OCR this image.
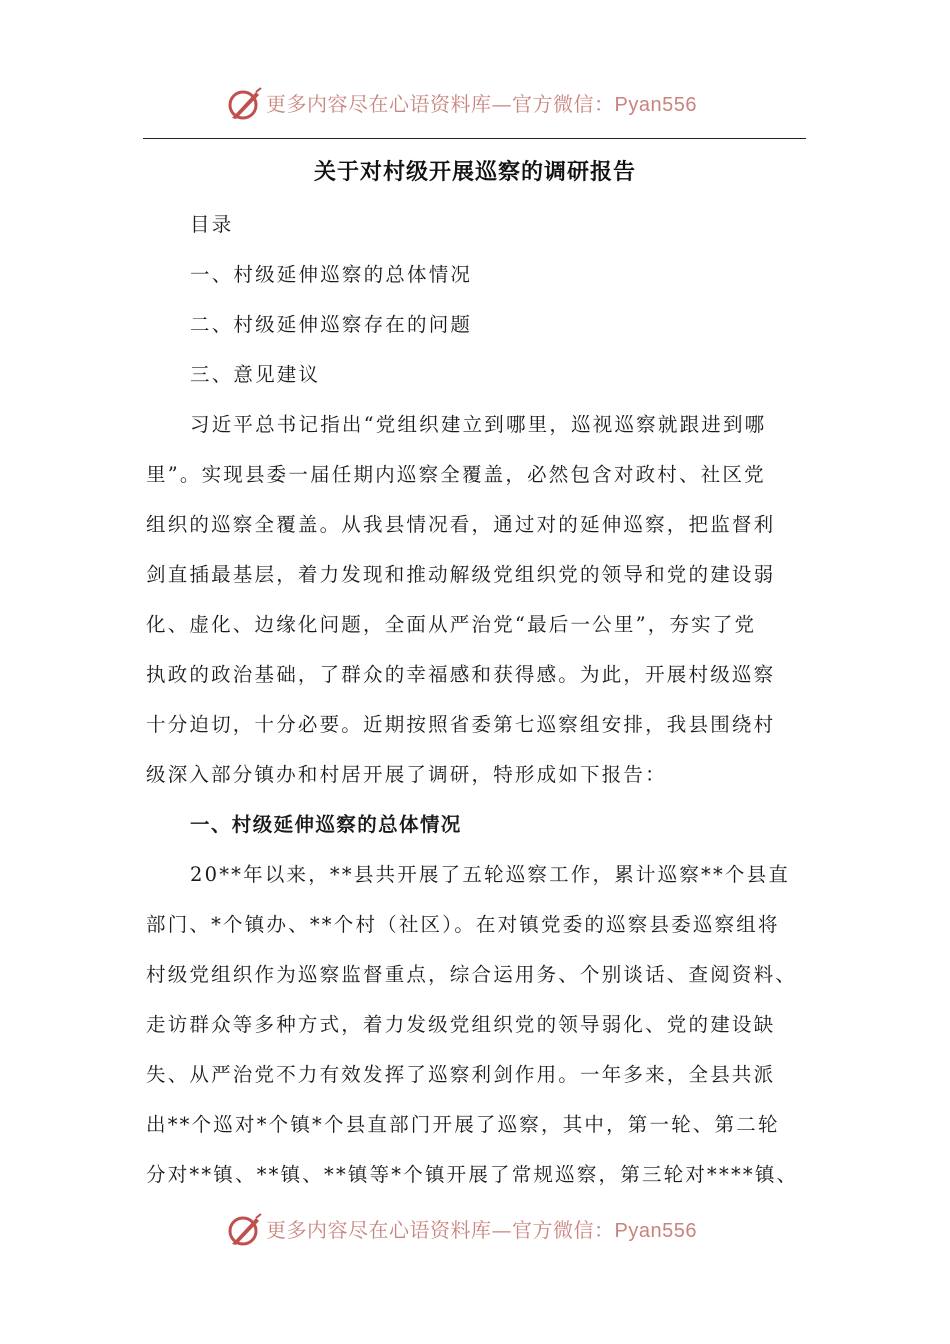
更多内容尽在心语资料库—官方微信：Pyan556
关于对村级开展巡察的调研报告
目录
一、村级延伸巡察的总体情况
二、村级延伸巡察存在的问题
三、意见建议
习近平总书记指出“党组织建立到哪里，巡视巡察就跟进到哪
里”。实现县委一届任期内巡察全覆盖，必然包含对政村、社区党
组织的巡察全覆盖。从我县情况看，通过对的延伸巡察，把监督利
剑直插最基层，着力发现和推动解级党组织党的领导和党的建设弱
化、虚化、边缘化问题，全面从严治党“最后一公里”，夯实了党
执政的政治基础，了群众的幸福感和获得感。为此，开展村级巡察
十分迫切，十分必要。近期按照省委第七巡察组安排，我县围绕村
级深入部分镇办和村居开展了调研，特形成如下报告：
一、村级延伸巡察的总体情况
20**年以来，**县共开展了五轮巡察工作，累计巡察**个县直
部门、*个镇办、**个村（社区）。在对镇党委的巡察县委巡察组将
村级党组织作为巡察监督重点，综合运用务、个别谈话、查阅资料、
走访群众等多种方式，着力发级党组织党的领导弱化、党的建设缺
失、从严治党不力有效发挥了巡察利剑作用。一年多来，全县共派
出**个巡对*个镇*个县直部门开展了巡察，其中，第一轮、第二轮
分对**镇、**镇、**镇等*个镇开展了常规巡察，第三轮对****镇、
更多内容尽在心语资料库—官方微信：Pyan556
